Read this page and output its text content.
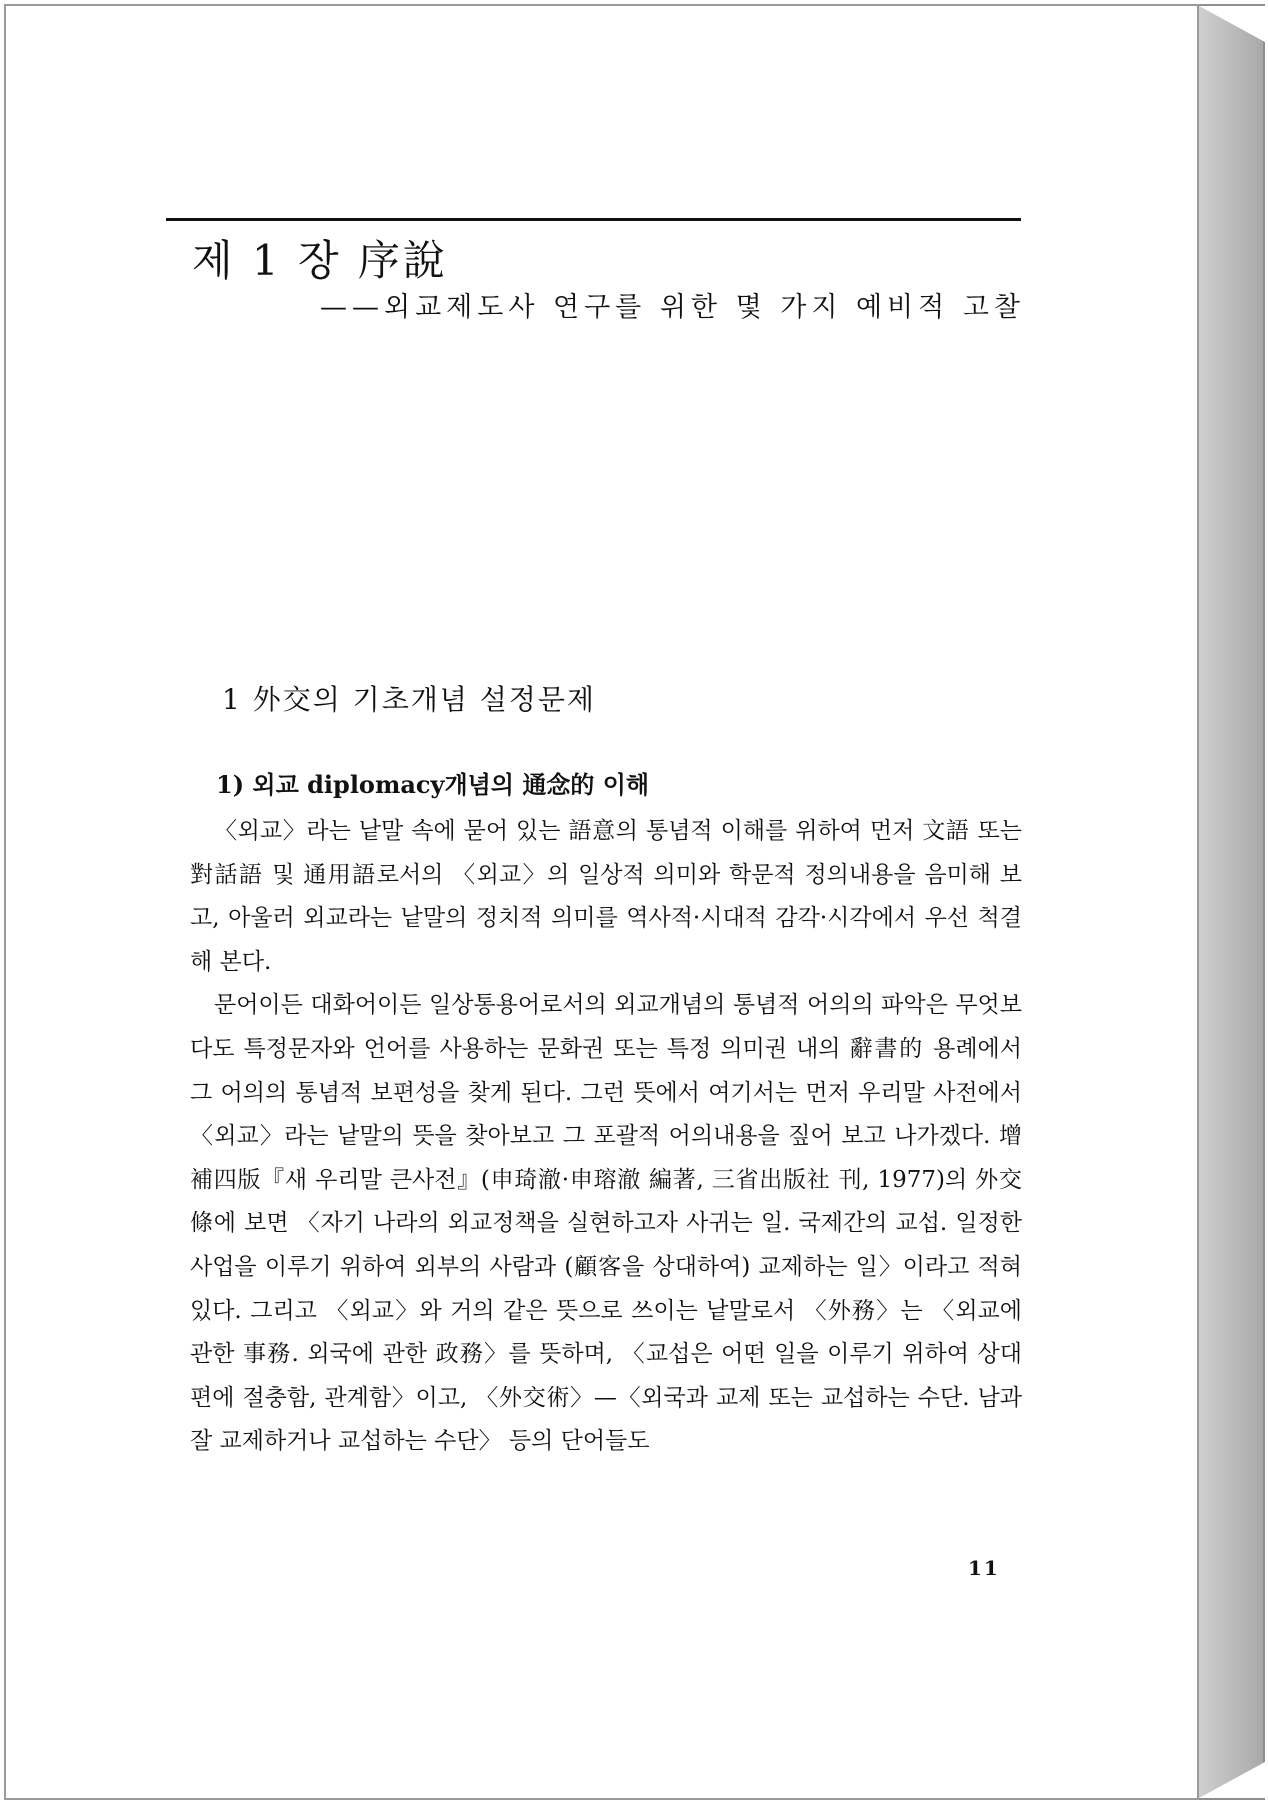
제 1 장 序說
——외교제도사 연구를 위한 몇 가지 예비적 고찰
1 外交의 기초개념 설정문제
1) 외교 diplomacy개념의 通念的 이해

〈외교〉라는 낱말 속에 묻어 있는 語意의 통념적 이해를 위하여 먼저 文語 또는 對話語 및 通用語로서의 〈외교〉의 일상적 의미와 학문적 정의내용을 음미해 보고, 아울러 외교라는 낱말의 정치적 의미를 역사적·시대적 감각·시각에서 우선 척결해 본다.

문어이든 대화어이든 일상통용어로서의 외교개념의 통념적 어의의 파악은 무엇보다도 특정문자와 언어를 사용하는 문화권 또는 특정 의미권 내의 辭書的 용례에서 그 어의의 통념적 보편성을 찾게 된다. 그런 뜻에서 여기서는 먼저 우리말 사전에서 〈외교〉라는 낱말의 뜻을 찾아보고 그 포괄적 어의내용을 짚어 보고 나가겠다. 增補四版『새 우리말 큰사전』(申琦澈·申瑢澈 編著, 三省出版社 刊, 1977)의 外交條에 보면 〈자기 나라의 외교정책을 실현하고자 사귀는 일. 국제간의 교섭. 일정한 사업을 이루기 위하여 외부의 사람과 (顧客을 상대하여) 교제하는 일〉이라고 적혀 있다. 그리고 〈외교〉와 거의 같은 뜻으로 쓰이는 낱말로서 〈外務〉는 〈외교에 관한 事務. 외국에 관한 政務〉를 뜻하며, 〈교섭은 어떤 일을 이루기 위하여 상대편에 절충함, 관계함〉이고, 〈外交術〉—〈외국과 교제 또는 교섭하는 수단. 남과 잘 교제하거나 교섭하는 수단〉 등의 단어들도

11
